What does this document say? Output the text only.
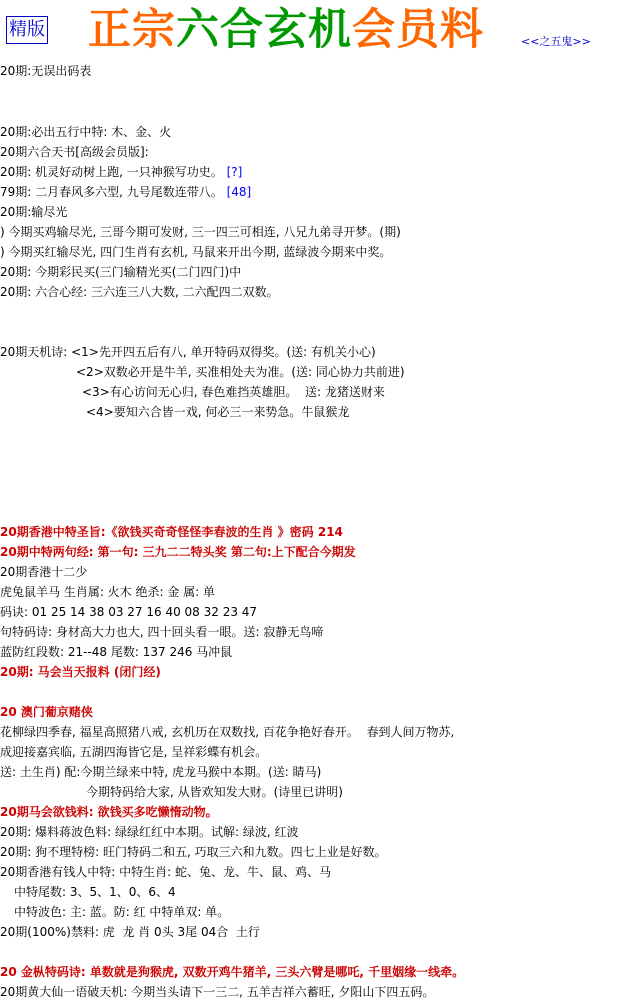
精版 正宗六合玄机会员料	<<之五鬼>>
20期:无误出码表

20期:必出五行中特: 木、金、火
20期六合天书[高级会员版]:
20期: 机灵好动树上跑, 一只神猴写功史。 [?]
79期: 二月春风多六型, 九号尾数连带八。 [48]
20期:输尽光
) 今期买鸡输尽光, 三哥今期可发财, 三一四三可相连, 八兄九弟寻开梦。(期)
) 今期买红输尽光, 四门生肖有玄机, 马鼠来开出今期, 蓝绿波今期来中奖。
20期: 今期彩民买(三门输精光买(二门四门)中
20期: 六合心经: 三六连三八大数, 二六配四二双数。

20期天机诗: <1>先开四五后有八, 单开特码双得奖。(送: 有机关小心)
<2>双数必开是牛羊, 买准相处夫为准。(送: 同心协力共前进)
<3>有心访问无心归, 春色难挡英雄胆。  送: 龙猪送财来
<4>要知六合皆一戏, 何必三一来势急。牛鼠猴龙

20期香港中特圣旨:《欲钱买奇奇怪怪李春波的生肖 》密码 214
20期中特两句经: 第一句: 三九二二特头奖 第二句:上下配合今期发
20期香港十二少
虎兔鼠羊马 生肖属: 火木 绝杀: 金 属: 单
码诀: 01 25 14 38 03 27 16 40 08 32 23 47
句特码诗: 身材高大力也大, 四十回头看一眼。送: 寂静无鸟啼
蓝防红段数: 21--48 尾数: 137 246 马冲鼠
20期: 马会当天报料 (闭门经)

20 澳门葡京赌侠
花柳绿四季春, 福星高照猪八戒, 玄机历在双数找, 百花争艳好春开。  春到人间万物苏,
成迎接嘉宾临, 五湖四海皆它是, 呈祥彩蝶有机会。
送: 土生肖) 配:今期兰绿来中特, 虎龙马猴中本期。(送: 睛马)
今期特码给大家, 从皆欢知发大财。(诗里已讲明)
20期马会欲钱料: 欲钱买多吃懒惰动物。
20期: 爆料蒋波色料: 绿绿红红中本期。试解: 绿波, 红波
20期: 狗不理特榜: 旺门特码二和五, 巧取三六和九数。四七上业是好数。
20期香港有钱人中特: 中特生肖: 蛇、兔、龙、牛、鼠、鸡、马
中特尾数: 3、5、1、0、6、4
中特波色: 主: 蓝。防: 红 中特单双: 单。
20期(100%)禁料: 虎  龙 肖 0头 3尾 04合  土行

20 金枞特码诗: 单数就是狗猴虎, 双数开鸡牛猪羊, 三头六臂是哪吒, 千里姻缘一线牵。
20期黄大仙一语破天机: 今期当头请下一三二, 五羊吉祥六蓄旺, 夕阳山下四五码。
